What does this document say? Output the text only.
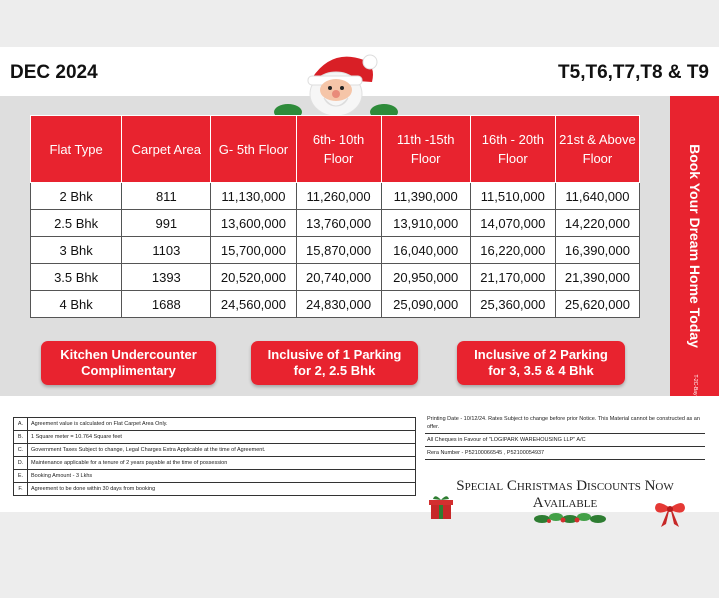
DEC 2024	T5,T6,T7,T8 & T9
Flat Type	Carpet Area	G- 5th Floor	6th- 10th Floor	11th -15th Floor	16th - 20th Floor	21st & Above Floor
2 Bhk	811	11,130,000	11,260,000	11,390,000	11,510,000	11,640,000
2.5 Bhk	991	13,600,000	13,760,000	13,910,000	14,070,000	14,220,000
3 Bhk	1103	15,700,000	15,870,000	16,040,000	16,220,000	16,390,000
3.5 Bhk	1393	20,520,000	20,740,000	20,950,000	21,170,000	21,390,000
4 Bhk	1688	24,560,000	24,830,000	25,090,000	25,360,000	25,620,000
Kitchen Undercounter
Complimentary
Inclusive of 1 Parking
for 2, 2.5 Bhk
Inclusive of 2 Parking
for 3, 3.5 & 4 Bhk
Book Your Dream Home Today
T-2C-Bay
A.	Agreement value is calculated on Flat Carpet Area Only.
B.	1 Square meter = 10.764 Square feet
C.	Government Taxes Subject to change, Legal Charges Extra Applicable at the time of Agreement.
D.	Maintenance applicable for a tenure of 2 years payable at the time of possession
E.	Booking Amount - 3 Lkhs
F.	Agreement to be done within 30 days from booking

Printing Date - 10/12/24. Rates Subject to change before prior Notice. This Material cannot be constructed as an offer.

All Cheques in Favour of "LOGIPARK WAREHOUSING LLP" A/C

Rera Number - P52100066545 , P52100054937

Special Christmas Discounts Now

Available
